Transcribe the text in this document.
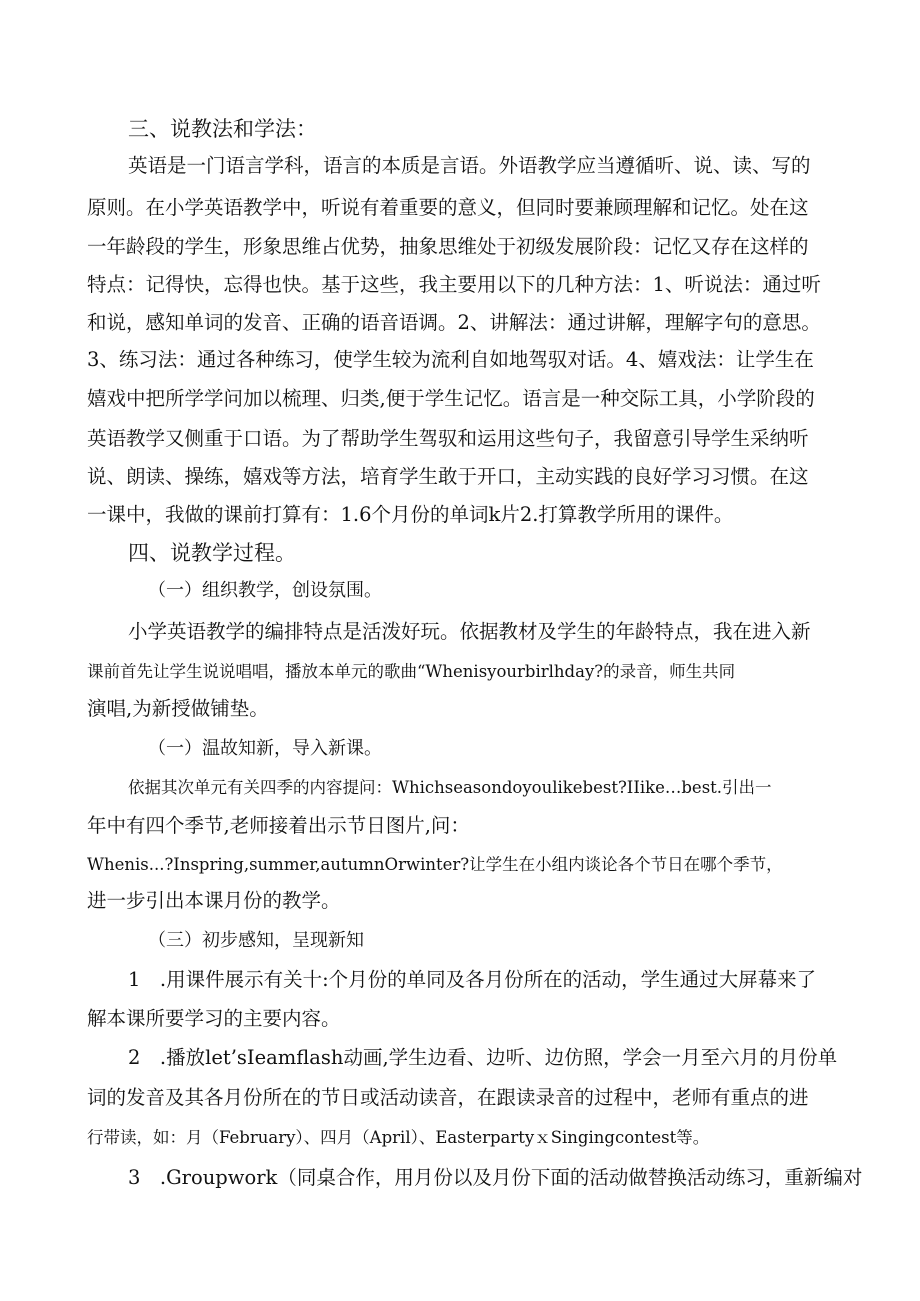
三、说教法和学法：
英语是一门语言学科，语言的本质是言语。外语教学应当遵循听、说、读、写的
原则。在小学英语教学中，听说有着重要的意义，但同时要兼顾理解和记忆。处在这
一年龄段的学生，形象思维占优势，抽象思维处于初级发展阶段：记忆又存在这样的
特点：记得快，忘得也快。基于这些，我主要用以下的几种方法：1、听说法：通过听
和说，感知单词的发音、正确的语音语调。2、讲解法：通过讲解，理解字句的意思。
3、练习法：通过各种练习，使学生较为流利自如地驾驭对话。4、嬉戏法：让学生在
嬉戏中把所学学问加以梳理、归类,便于学生记忆。语言是一种交际工具，小学阶段的
英语教学又侧重于口语。为了帮助学生驾驭和运用这些句子，我留意引导学生采纳听
说、朗读、操练，嬉戏等方法，培育学生敢于开口，主动实践的良好学习习惯。在这
一课中，我做的课前打算有：1.6个月份的单词k片2.打算教学所用的课件。
四、说教学过程。
（一）组织教学，创设氛围。
小学英语教学的编排特点是活泼好玩。依据教材及学生的年龄特点，我在进入新
课前首先让学生说说唱唱，播放本单元的歌曲“Whenisyourbirlhday?的录音，师生共同
演唱,为新授做铺垫。
（一）温故知新，导入新课。
依据其次单元有关四季的内容提问：Whichseasondoyoulikebest?IIike…best.引出一
年中有四个季节,老师接着出示节日图片,问：
Whenis...?Inspring,summer,autumnOrwinter?让学生在小组内谈论各个节日在哪个季节，
进一步引出本课月份的教学。
（三）初步感知，呈现新知
1　.用课件展示有关十:个月份的单同及各月份所在的活动，学生通过大屏幕来了
解本课所要学习的主要内容。
2　.播放let’sIeamflash动画,学生边看、边听、边仿照，学会一月至六月的月份单
词的发音及其各月份所在的节日或活动读音，在跟读录音的过程中，老师有重点的进
行带读，如：月（February）、四月（April）、EasterpartyｘSingingcontest等。
3　.Groupwork（同桌合作，用月份以及月份下面的活动做替换活动练习，重新编对
